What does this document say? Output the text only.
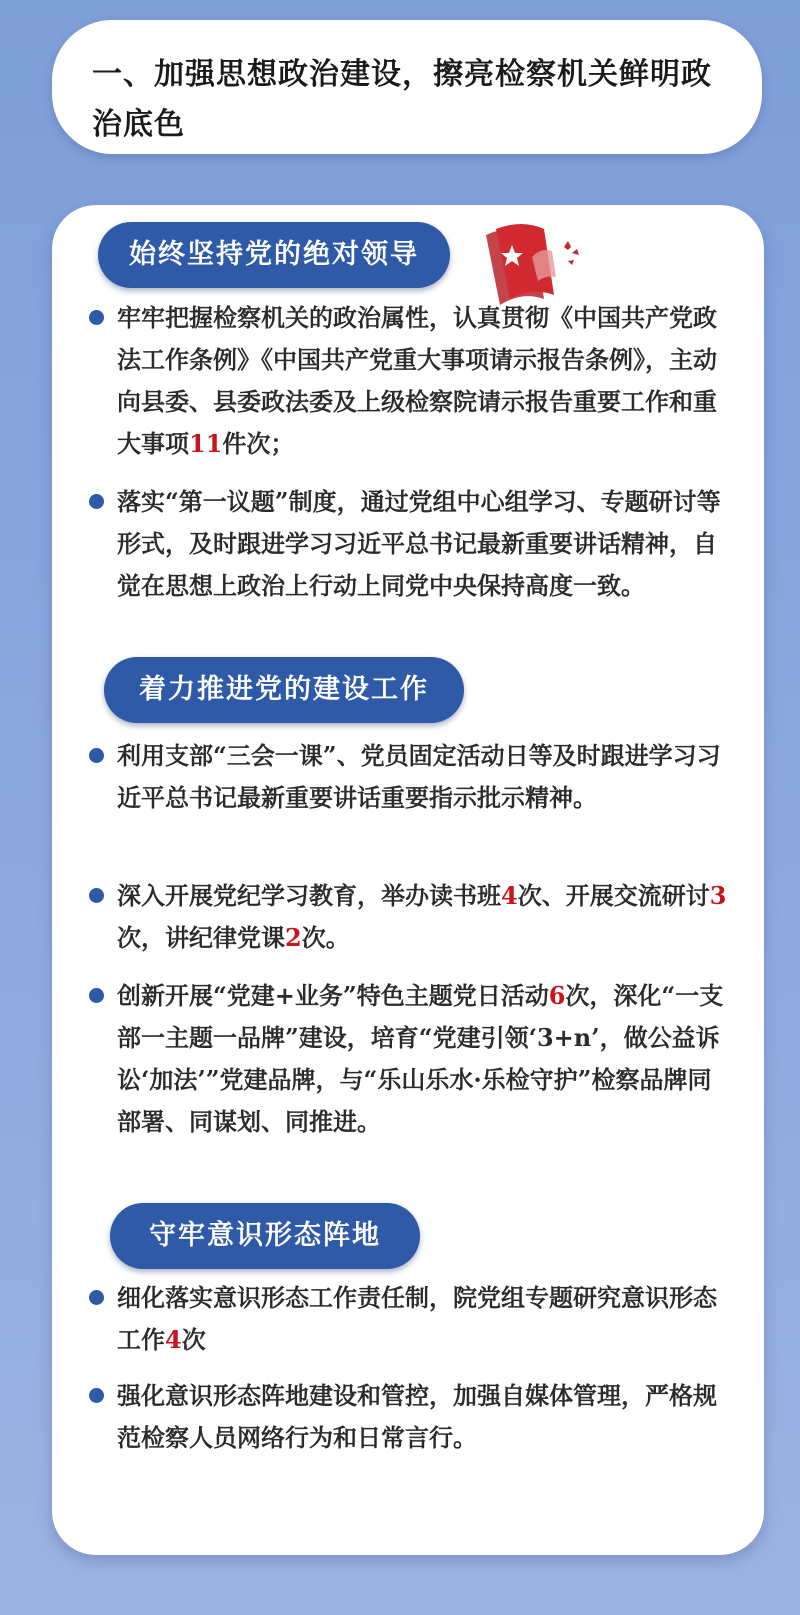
一、加强思想政治建设，擦亮检察机关鲜明政治底色
始终坚持党的绝对领导
牢牢把握检察机关的政治属性，认真贯彻《中国共产党政法工作条例》《中国共产党重大事项请示报告条例》，主动向县委、县委政法委及上级检察院请示报告重要工作和重大事项11件次；
落实“第一议题”制度，通过党组中心组学习、专题研讨等形式，及时跟进学习习近平总书记最新重要讲话精神，自觉在思想上政治上行动上同党中央保持高度一致。
着力推进党的建设工作
利用支部“三会一课”、党员固定活动日等及时跟进学习习近平总书记最新重要讲话重要指示批示精神。
深入开展党纪学习教育，举办读书班4次、开展交流研讨3次，讲纪律党课2次。
创新开展“党建+业务”特色主题党日活动6次，深化“一支部一主题一品牌”建设，培育“党建引领‘3+n’，做公益诉讼‘加法’”党建品牌，与“乐山乐水·乐检守护”检察品牌同部署、同谋划、同推进。
守牢意识形态阵地
细化落实意识形态工作责任制，院党组专题研究意识形态工作4次
强化意识形态阵地建设和管控，加强自媒体管理，严格规范检察人员网络行为和日常言行。
